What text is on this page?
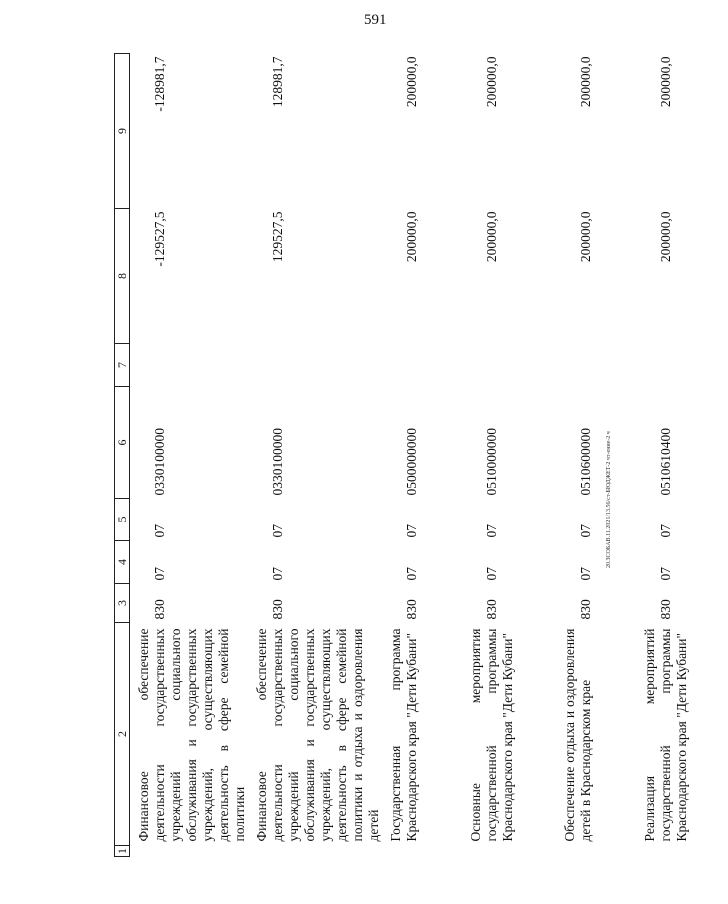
591
20.ЗСОБАВ.11.2021/13.56/ст-БЮДЖЕТ-2 чт-ение-2 ч
1	2	3	4	5	6	7	8	9
	Финансовое обеспечение деятельности государственных учреждений социального обслуживания и государственных учреждений, осуществляющих деятельность в сфере семейной политики	830	07	07	0330100000		-129527,5	-128981,7
	Финансовое обеспечение деятельности государственных учреждений социального обслуживания и государственных учреждений, осуществляющих деятельность в сфере семейной политики и отдыха и оздоровления детей	830	07	07	0330100000		129527,5	128981,7
	Государственная программа Краснодарского края "Дети Кубани"	830	07	07	0500000000		200000,0	200000,0
	Основные мероприятия государственной программы Краснодарского края "Дети Кубани"	830	07	07	0510000000		200000,0	200000,0
	Обеспечение отдыха и оздоровления детей в Краснодарском крае	830	07	07	0510600000		200000,0	200000,0
	Реализация мероприятий государственной программы Краснодарского края "Дети Кубани"	830	07	07	0510610400		200000,0	200000,0
